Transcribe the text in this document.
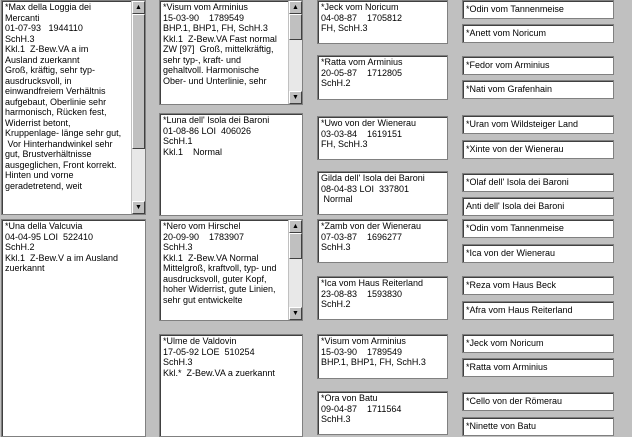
*Max della Loggia dei
Mercanti
01-07-93   1944110
SchH.3
Kkl.1  Z-Bew.VA a im
Ausland zuerkannt
Groß, kräftig, sehr typ-
ausdrucksvoll, in
einwandfreiem Verhältnis
aufgebaut, Oberlinie sehr
harmonisch, Rücken fest,
Widerrist betont,
Kruppenlage- länge sehr gut,
Vor Hinterhandwinkel sehr
gut, Brustverhältnisse
ausgeglichen, Front korrekt.
Hinten und vorne
geradetretend, weit
▲
▼
*Una della Valcuvia
04-04-95 LOI  522410
SchH.2
Kkl.1  Z-Bew.V a im Ausland
zuerkannt
*Visum vom Arminius
15-03-90    1789549
BHP.1, BHP1, FH, SchH.3
Kkl.1  Z-Bew.VA Fast normal
ZW [97]  Groß, mittelkräftig,
sehr typ-, kraft- und
gehaltvoll. Harmonische
Ober- und Unterlinie, sehr
▲
▼
*Luna dell' Isola dei Baroni
01-08-86 LOI  406026
SchH.1
Kkl.1    Normal
*Nero vom Hirschel
20-09-90    1783907
SchH.3
Kkl.1  Z-Bew.VA Normal
Mittelgroß, kraftvoll, typ- und
ausdrucksvoll, guter Kopf,
hoher Widerrist, gute Linien,
sehr gut entwickelte
▲
▼
*Ulme de Valdovin
17-05-92 LOE  510254
SchH.3
Kkl.*  Z-Bew.VA a zuerkannt
*Jeck vom Noricum
04-08-87    1705812
FH, SchH.3
*Ratta vom Arminius
20-05-87    1712805
SchH.2
*Uwo von der Wienerau
03-03-84    1619151
FH, SchH.3
Gilda dell' Isola dei Baroni
08-04-83 LOI  337801
Normal
*Zamb von der Wienerau
07-03-87    1696277
SchH.3
*Ica vom Haus Reiterland
23-08-83    1593830
SchH.2
*Visum vom Arminius
15-03-90    1789549
BHP.1, BHP1, FH, SchH.3
*Ora von Batu
09-04-87    1711564
SchH.3
*Odin vom Tannenmeise
*Anett vom Noricum
*Fedor vom Arminius
*Nati vom Grafenhain
*Uran vom Wildsteiger Land
*Xinte von der Wienerau
*Olaf dell' Isola dei Baroni
Anti dell' Isola dei Baroni
*Odin vom Tannenmeise
*Ica von der Wienerau
*Reza vom Haus Beck
*Afra vom Haus Reiterland
*Jeck vom Noricum
*Ratta vom Arminius
*Cello von der Römerau
*Ninette von Batu
